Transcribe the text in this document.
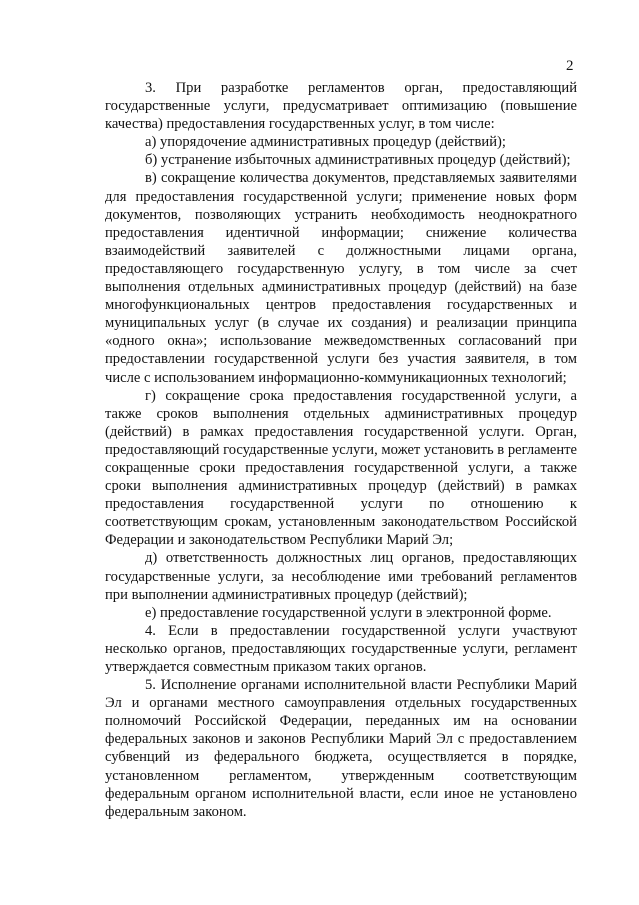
2

3. При разработке регламентов орган, предоставляющий государственные услуги, предусматривает оптимизацию (повышение качества) предоставления государственных услуг, в том числе:

а) упорядочение административных процедур (действий);

б) устранение избыточных административных процедур (действий);

в) сокращение количества документов, представляемых заявителями для предоставления государственной услуги; применение новых форм документов, позволяющих устранить необходимость неоднократного предоставления идентичной информации; снижение количества взаимодействий заявителей с должностными лицами органа, предоставляющего государственную услугу, в том числе за счет выполнения отдельных административных процедур (действий) на базе многофункциональных центров предоставления государственных и муниципальных услуг (в случае их создания) и реализации принципа «одного окна»; использование межведомственных согласований при предоставлении государственной услуги без участия заявителя, в том числе с использованием информационно-коммуникационных технологий;

г) сокращение срока предоставления государственной услуги, а также сроков выполнения отдельных административных процедур (действий) в рамках предоставления государственной услуги. Орган, предоставляющий государственные услуги, может установить в регламенте сокращенные сроки предоставления государственной услуги, а также сроки выполнения административных процедур (действий) в рамках предоставления государственной услуги по отношению к соответствующим срокам, установленным законодательством Российской Федерации и законодательством Республики Марий Эл;

д) ответственность должностных лиц органов, предоставляющих государственные услуги, за несоблюдение ими требований регламентов при выполнении административных процедур (действий);

е) предоставление государственной услуги в электронной форме.

4. Если в предоставлении государственной услуги участвуют несколько органов, предоставляющих государственные услуги, регламент утверждается совместным приказом таких органов.

5. Исполнение органами исполнительной власти Республики Марий Эл и органами местного самоуправления отдельных государственных полномочий Российской Федерации, переданных им на основании федеральных законов и законов Республики Марий Эл с предоставлением субвенций из федерального бюджета, осуществляется в порядке, установленном регламентом, утвержденным соответствующим федеральным органом исполнительной власти, если иное не установлено федеральным законом.
